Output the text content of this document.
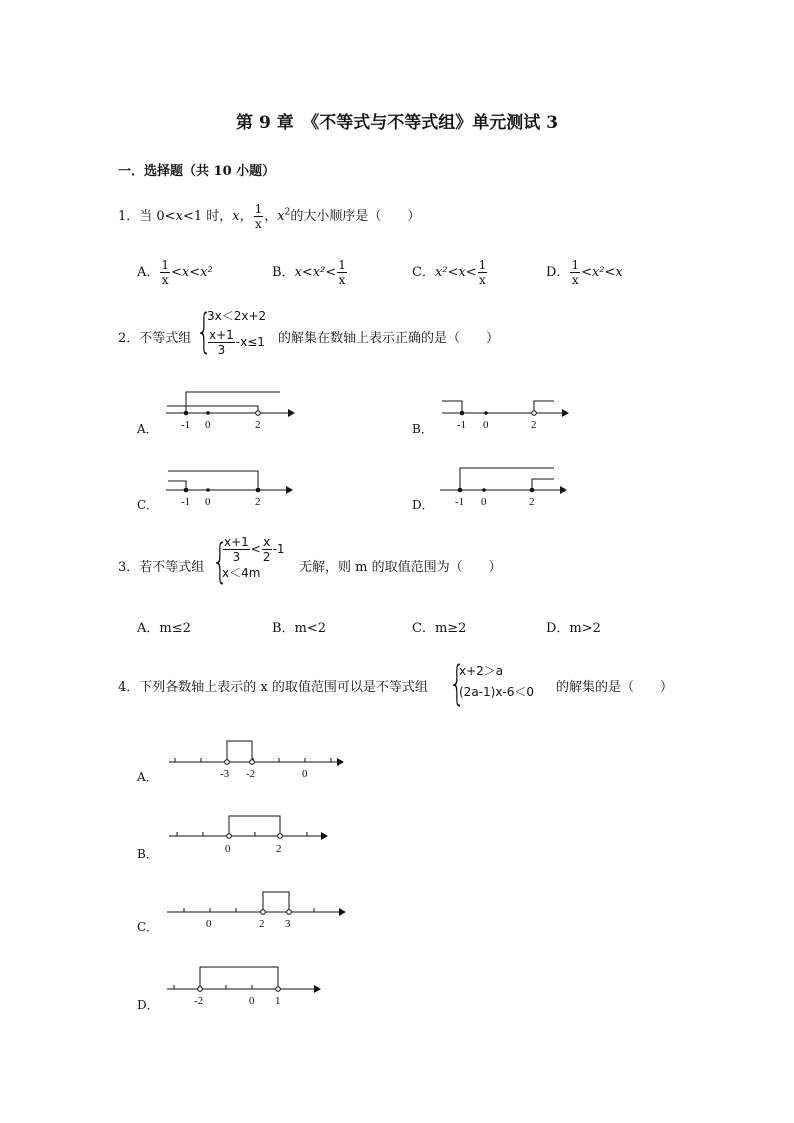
第 9 章　《不等式与不等式组》单元测试 3
一．选择题（共 10 小题）
1．当 0<x<1 时，x， $\frac{1}{x}$ ，$x^2$的大小顺序是（　　）
A． $\frac{1}{x} <x<x^2$	B．$x<x^2< \frac{1}{x}$	C．$x^2<x< \frac{1}{x}$	D． $\frac{1}{x} <x^2<x$
2．不等式组 {
3x＜2x+2
$\frac{x+1}{3} -x\le 1$ 的解集在数轴上表示正确的是（　　）
A． -1 0	2	B． -1 0	2
C． -1 0	2	D． -1 0	2
3．若不等式组 {
$\frac{x+1}{3} < \frac{x}{2} -1$
x＜4m	无解，则 m 的取值范围为（　　）
A．m≤2	B．m<2	C．m≥2	D．m>2
4．下列各数轴上表示的 x 的取值范围可以是不等式组 {
x+2＞a
(2a-1)x-6＜0 的解集的是（　　）
A．	-3 -2	0
B．	0	2
C．	0	2 3
D．	-2	0 1
